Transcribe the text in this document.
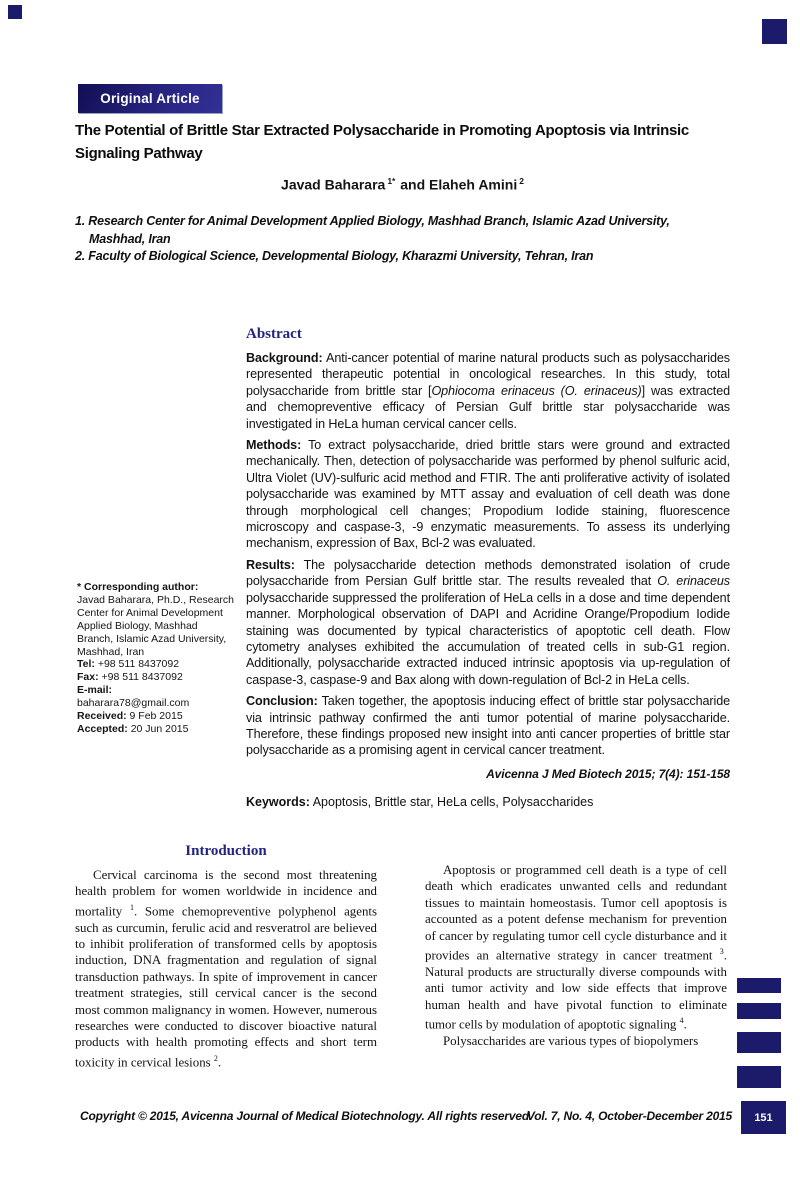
Original Article
The Potential of Brittle Star Extracted Polysaccharide in Promoting Apoptosis via Intrinsic
Signaling Pathway
Javad Baharara $^{1*}$ and Elaheh Amini $^2$
1. Research Center for Animal Development Applied Biology, Mashhad Branch, Islamic Azad University,
Mashhad, Iran
2. Faculty of Biological Science, Developmental Biology, Kharazmi University, Tehran, Iran
Abstract

Background: Anti-cancer potential of marine natural products such as polysaccharides represented therapeutic potential in oncological researches. In this study, total polysaccharide from brittle star [Ophiocoma erinaceus (O. erinaceus)] was extracted and chemopreventive efficacy of Persian Gulf brittle star polysaccharide was investigated in HeLa human cervical cancer cells.

Methods: To extract polysaccharide, dried brittle stars were ground and extracted mechanically. Then, detection of polysaccharide was performed by phenol sulfuric acid, Ultra Violet (UV)-sulfuric acid method and FTIR. The anti proliferative activity of isolated polysaccharide was examined by MTT assay and evaluation of cell death was done through morphological cell changes; Propodium Iodide staining, fluorescence microscopy and caspase-3, -9 enzymatic measurements. To assess its underlying mechanism, expression of Bax, Bcl-2 was evaluated.

Results: The polysaccharide detection methods demonstrated isolation of crude polysaccharide from Persian Gulf brittle star. The results revealed that O. erinaceus polysaccharide suppressed the proliferation of HeLa cells in a dose and time dependent manner. Morphological observation of DAPI and Acridine Orange/Propodium Iodide staining was documented by typical characteristics of apoptotic cell death. Flow cytometry analyses exhibited the accumulation of treated cells in sub-G1 region. Additionally, polysaccharide extracted induced intrinsic apoptosis via up-regulation of caspase-3, caspase-9 and Bax along with down-regulation of Bcl-2 in HeLa cells.

Conclusion: Taken together, the apoptosis inducing effect of brittle star polysaccharide via intrinsic pathway confirmed the anti tumor potential of marine polysaccharide. Therefore, these findings proposed new insight into anti cancer properties of brittle star polysaccharide as a promising agent in cervical cancer treatment.

Avicenna J Med Biotech 2015; 7(4): 151-158
Keywords: Apoptosis, Brittle star, HeLa cells, Polysaccharides
* Corresponding author:
Javad Baharara, Ph.D., Research Center for Animal Development Applied Biology, Mashhad Branch, Islamic Azad University, Mashhad, Iran
Tel: +98 511 8437092
Fax: +98 511 8437092
E-mail:
baharara78@gmail.com
Received: 9 Feb 2015
Accepted: 20 Jun 2015
Introduction

Cervical carcinoma is the second most threatening health problem for women worldwide in incidence and mortality $^1$. Some chemopreventive polyphenol agents such as curcumin, ferulic acid and resveratrol are believed to inhibit proliferation of transformed cells by apoptosis induction, DNA fragmentation and regulation of signal transduction pathways. In spite of improvement in cancer treatment strategies, still cervical cancer is the second most common malignancy in women. However, numerous researches were conducted to discover bioactive natural products with health promoting effects and short term toxicity in cervical lesions $^2$.

Apoptosis or programmed cell death is a type of cell death which eradicates unwanted cells and redundant tissues to maintain homeostasis. Tumor cell apoptosis is accounted as a potent defense mechanism for prevention of cancer by regulating tumor cell cycle disturbance and it provides an alternative strategy in cancer treatment $^3$. Natural products are structurally diverse compounds with anti tumor activity and low side effects that improve human health and have pivotal function to eliminate tumor cells by modulation of apoptotic signaling $^4$.

Polysaccharides are various types of biopolymers

Copyright © 2015, Avicenna Journal of Medical Biotechnology. All rights reserved.
Vol. 7, No. 4, October-December 2015 151
